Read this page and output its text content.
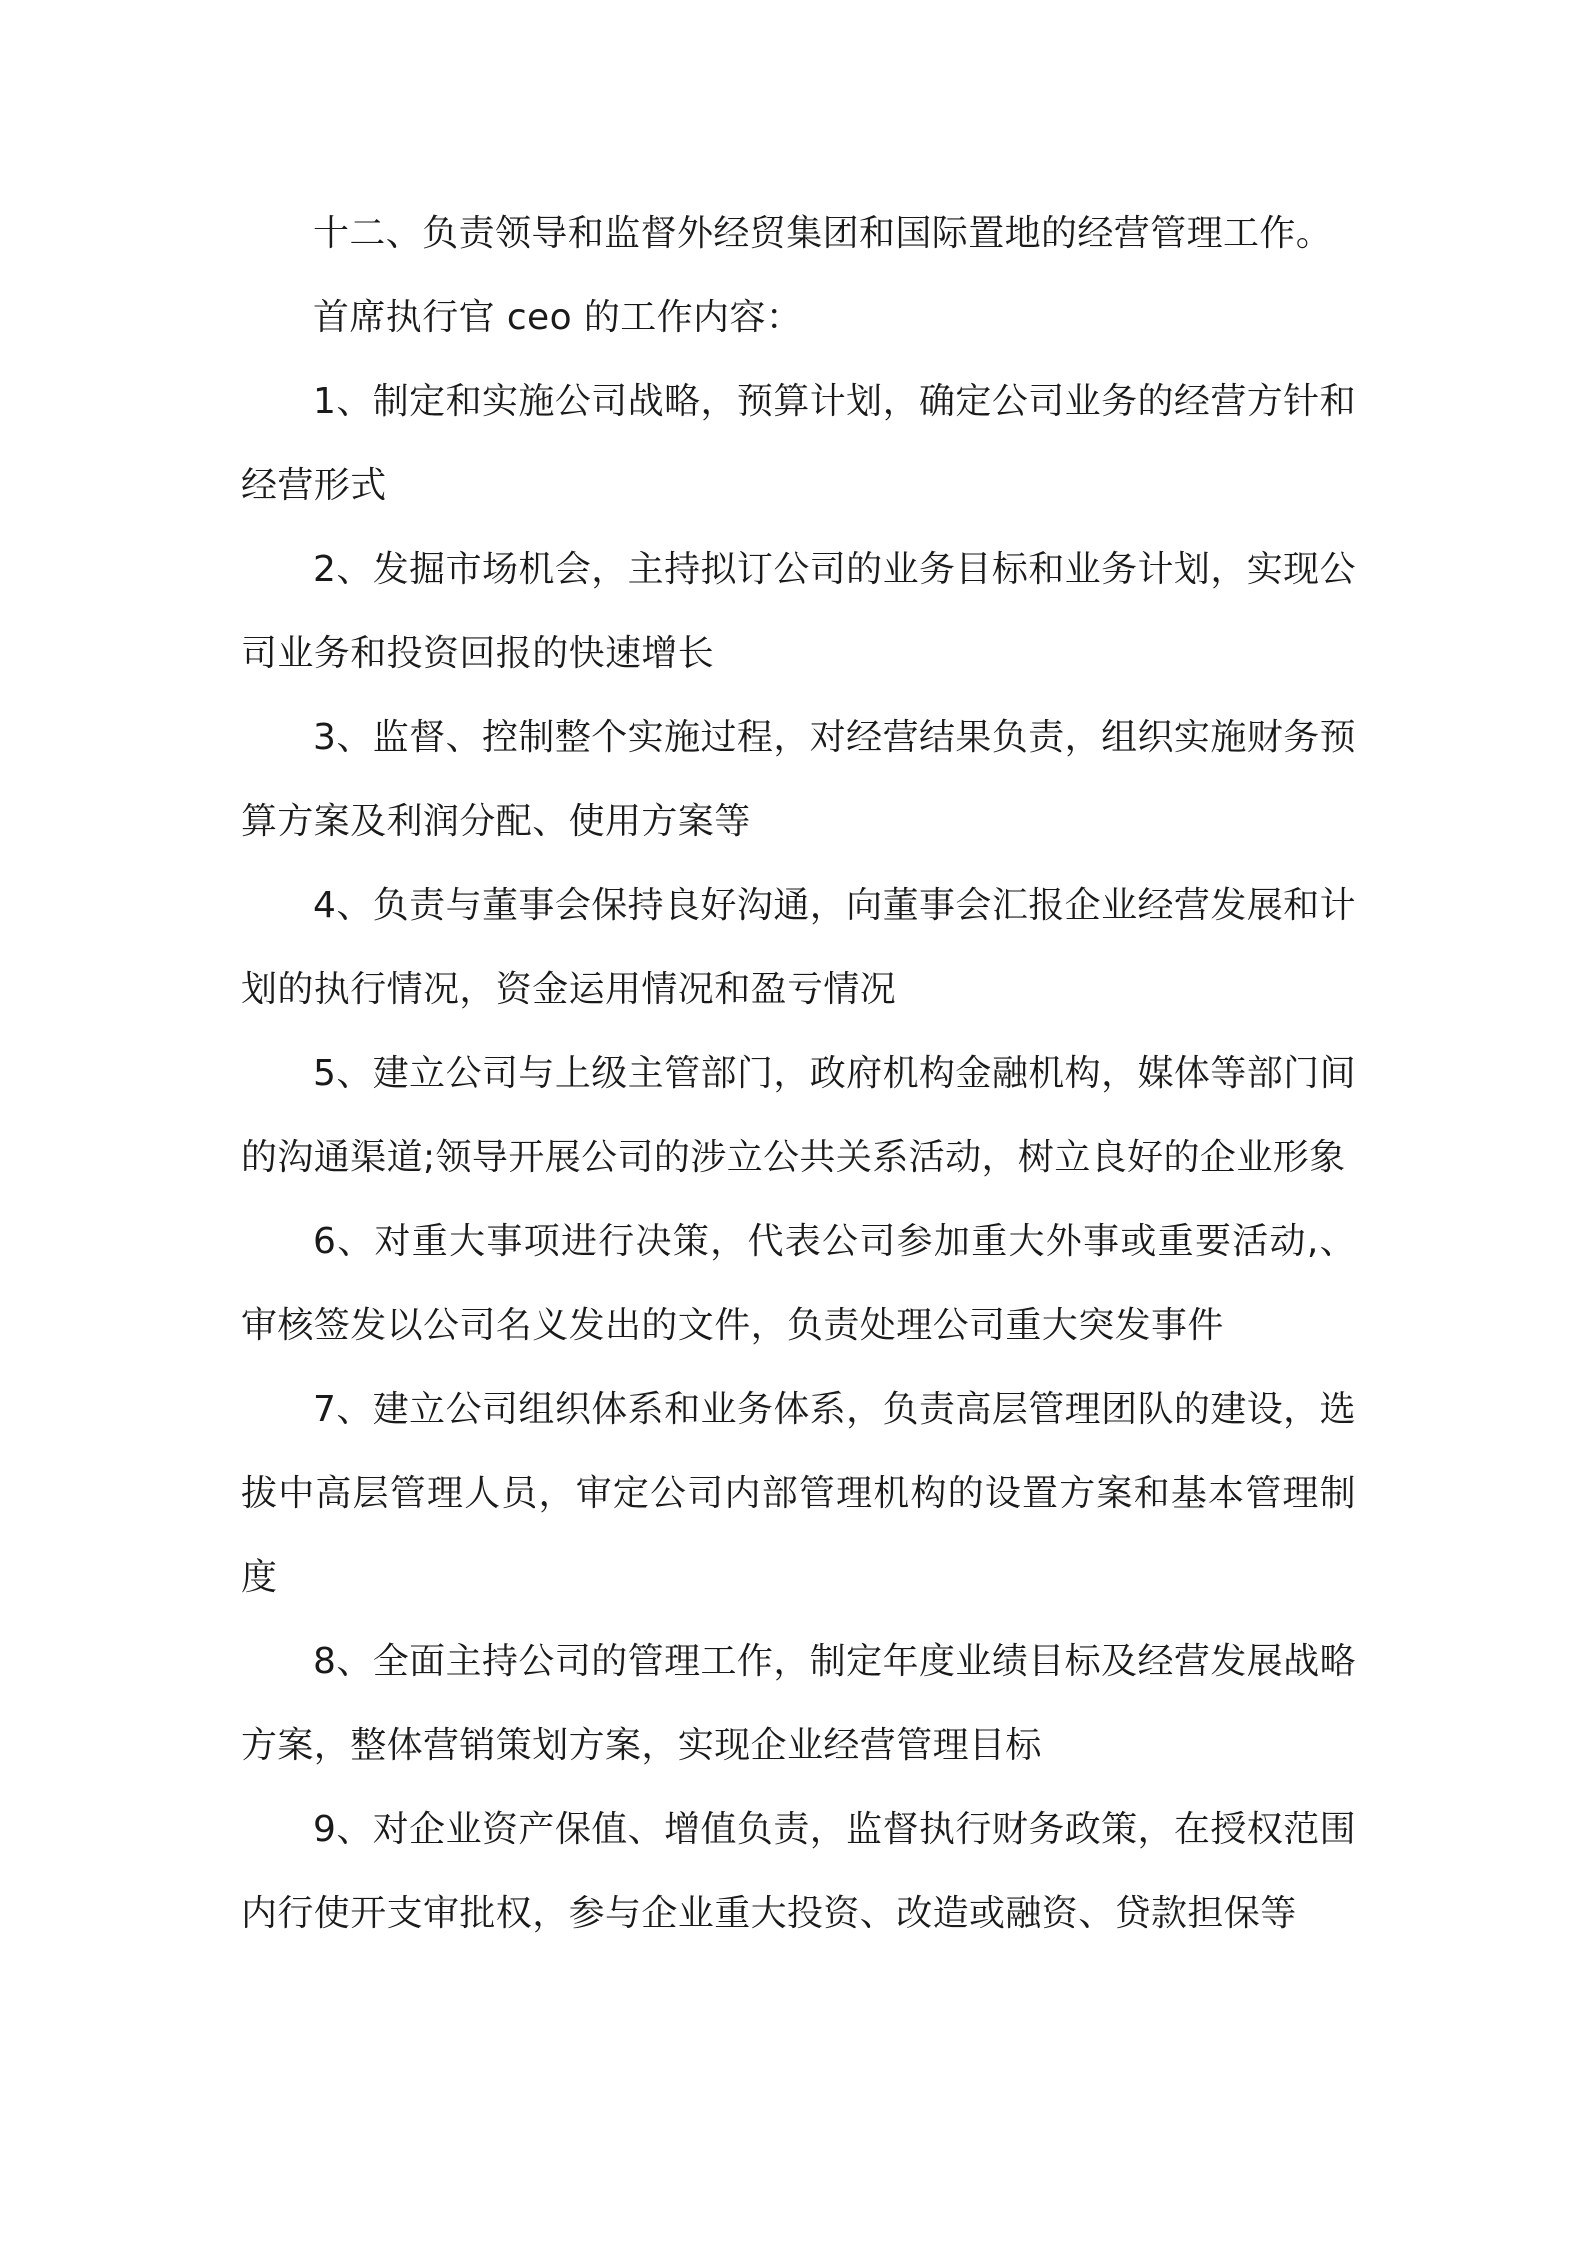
十二、负责领导和监督外经贸集团和国际置地的经营管理工作。

首席执行官 ceo 的工作内容：

1、制定和实施公司战略，预算计划，确定公司业务的经营方针和经营形式

2、发掘市场机会，主持拟订公司的业务目标和业务计划，实现公司业务和投资回报的快速增长

3、监督、控制整个实施过程，对经营结果负责，组织实施财务预算方案及利润分配、使用方案等

4、负责与董事会保持良好沟通，向董事会汇报企业经营发展和计划的执行情况，资金运用情况和盈亏情况

5、建立公司与上级主管部门，政府机构金融机构，媒体等部门间的沟通渠道;领导开展公司的涉立公共关系活动，树立良好的企业形象

6、对重大事项进行决策，代表公司参加重大外事或重要活动,、审核签发以公司名义发出的文件，负责处理公司重大突发事件

7、建立公司组织体系和业务体系，负责高层管理团队的建设，选拔中高层管理人员，审定公司内部管理机构的设置方案和基本管理制度

8、全面主持公司的管理工作，制定年度业绩目标及经营发展战略方案，整体营销策划方案，实现企业经营管理目标

9、对企业资产保值、增值负责，监督执行财务政策，在授权范围内行使开支审批权，参与企业重大投资、改造或融资、贷款担保等
